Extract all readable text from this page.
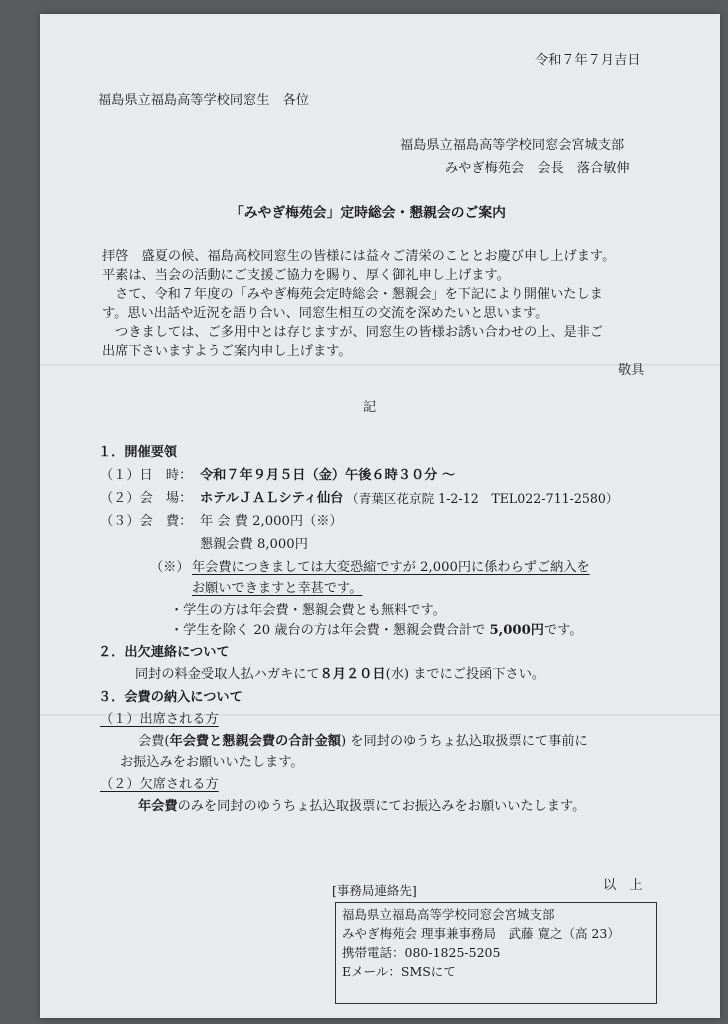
令和７年７月吉日
福島県立福島高等学校同窓生　各位
福島県立福島高等学校同窓会宮城支部
みやぎ梅苑会　会長　落合敏伸
「みやぎ梅苑会」定時総会・懇親会のご案内
拝啓　盛夏の候、福島高校同窓生の皆様には益々ご清栄のこととお慶び申し上げます。
平素は、当会の活動にご支援ご協力を賜り、厚く御礼申し上げます。
　さて、令和７年度の「みやぎ梅苑会定時総会・懇親会」を下記により開催いたしま
す。思い出話や近況を語り合い、同窓生相互の交流を深めたいと思います。
　つきましては、ご多用中とは存じますが、同窓生の皆様お誘い合わせの上、是非ご
出席下さいますようご案内申し上げます。
敬具
記
１．開催要領
（１）日　時： 令和７年９月５日（金）午後６時３０分 ～
（２）会　場： ホテルＪＡＬシティ仙台 （青葉区花京院 1-2-12　TEL022-711-2580）
（３）会　費： 年 会 費 2,000円（※）
懇親会費 8,000円
（※） 年会費につきましては大変恐縮ですが 2,000円に係わらずご納入を
お願いできますと幸甚です。
・学生の方は年会費・懇親会費とも無料です。
・学生を除く 20 歳台の方は年会費・懇親会費合計で 5,000円です。
２．出欠連絡について
同封の料金受取人払ハガキにて８月２０日(水) までにご投函下さい。
３．会費の納入について
（１）出席される方
会費(年会費と懇親会費の合計金額) を同封のゆうちょ払込取扱票にて事前に
お振込みをお願いいたします。
（２）欠席される方
年会費のみを同封のゆうちょ払込取扱票にてお振込みをお願いいたします。
以　上
[事務局連絡先]
福島県立福島高等学校同窓会宮城支部
みやぎ梅苑会 理事兼事務局　武藤 寛之（高 23）
携帯電話：080-1825-5205
Eメール：SMSにて
